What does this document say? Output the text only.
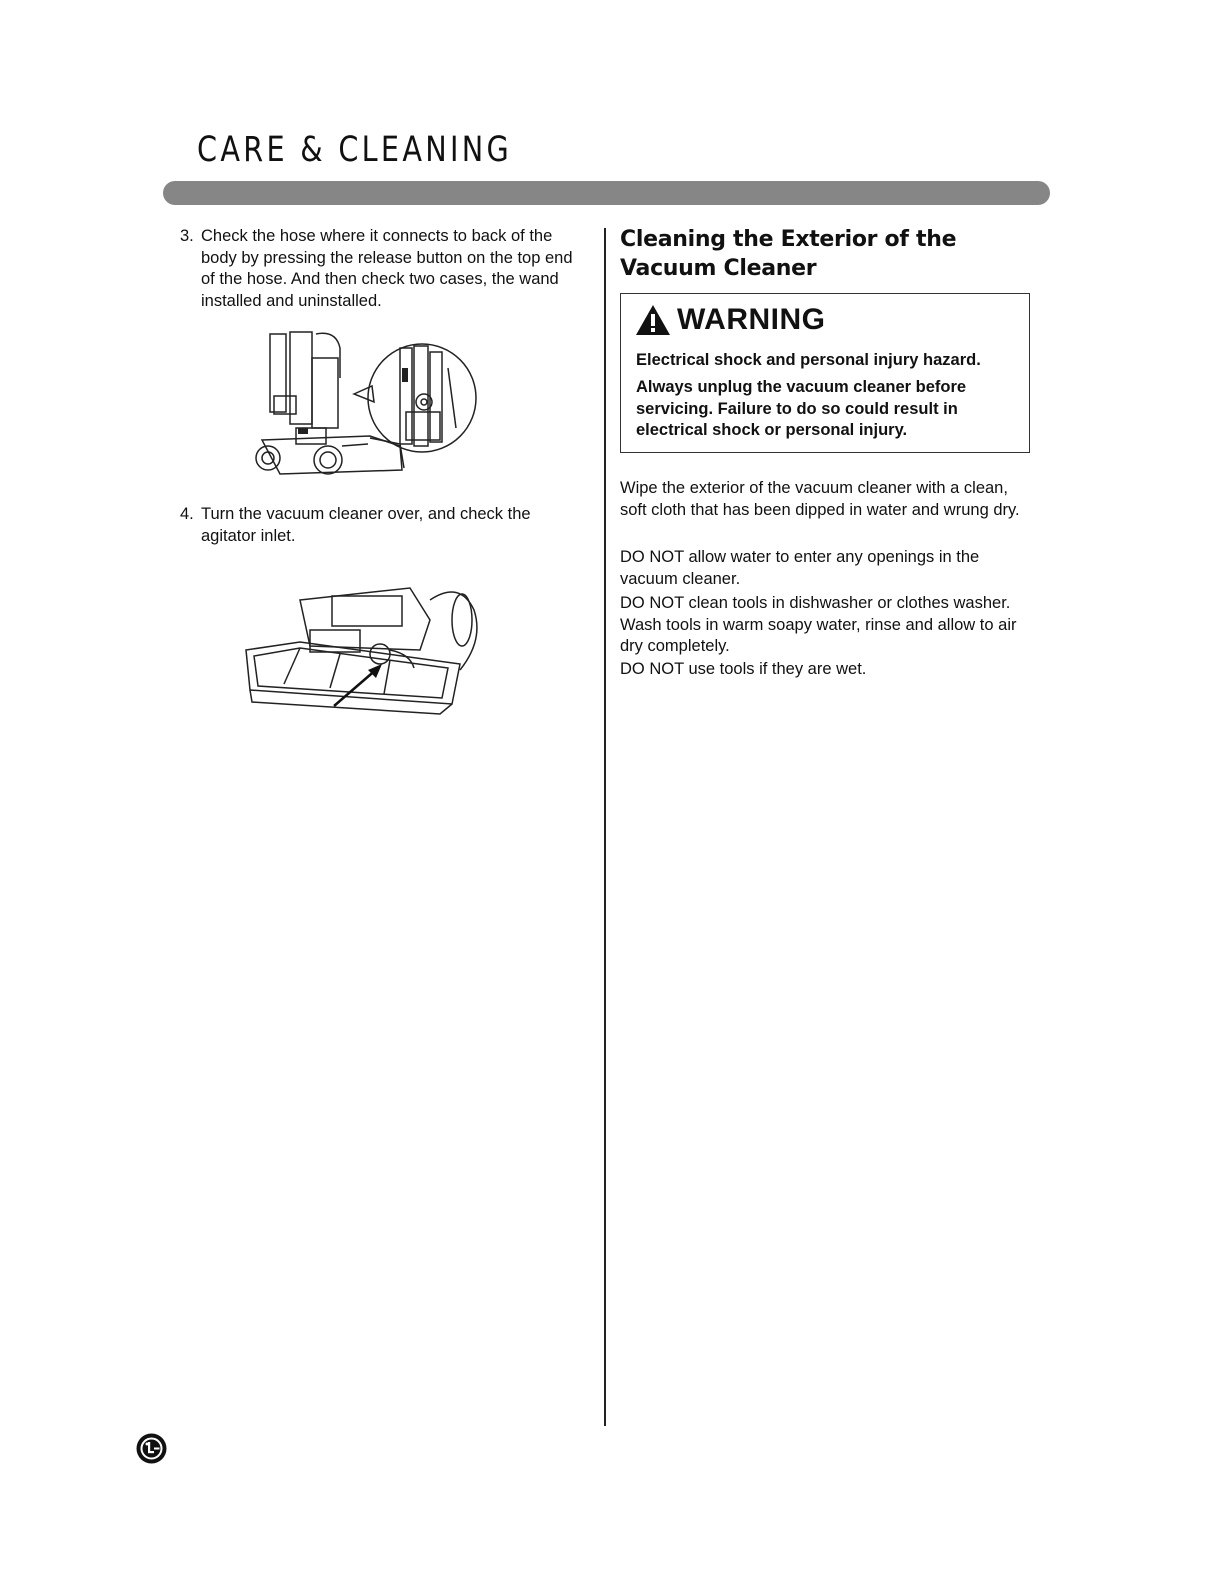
CARE & CLEANING
3. Check the hose where it connects to back of the body by pressing the release button on the top end of the hose. And then check two cases, the wand installed and uninstalled.
4. Turn the vacuum cleaner over, and check the agitator inlet.
Cleaning the Exterior of the Vacuum Cleaner
WARNING
Electrical shock and personal injury hazard.
Always unplug the vacuum cleaner before servicing. Failure to do so could result in electrical shock or personal injury.

Wipe the exterior of the vacuum cleaner with a clean, soft cloth that has been dipped in water and wrung dry.

DO NOT allow water to enter any openings in the vacuum cleaner.

DO NOT clean tools in dishwasher or clothes washer. Wash tools in warm soapy water, rinse and allow to air dry completely.

DO NOT use tools if they are wet.
